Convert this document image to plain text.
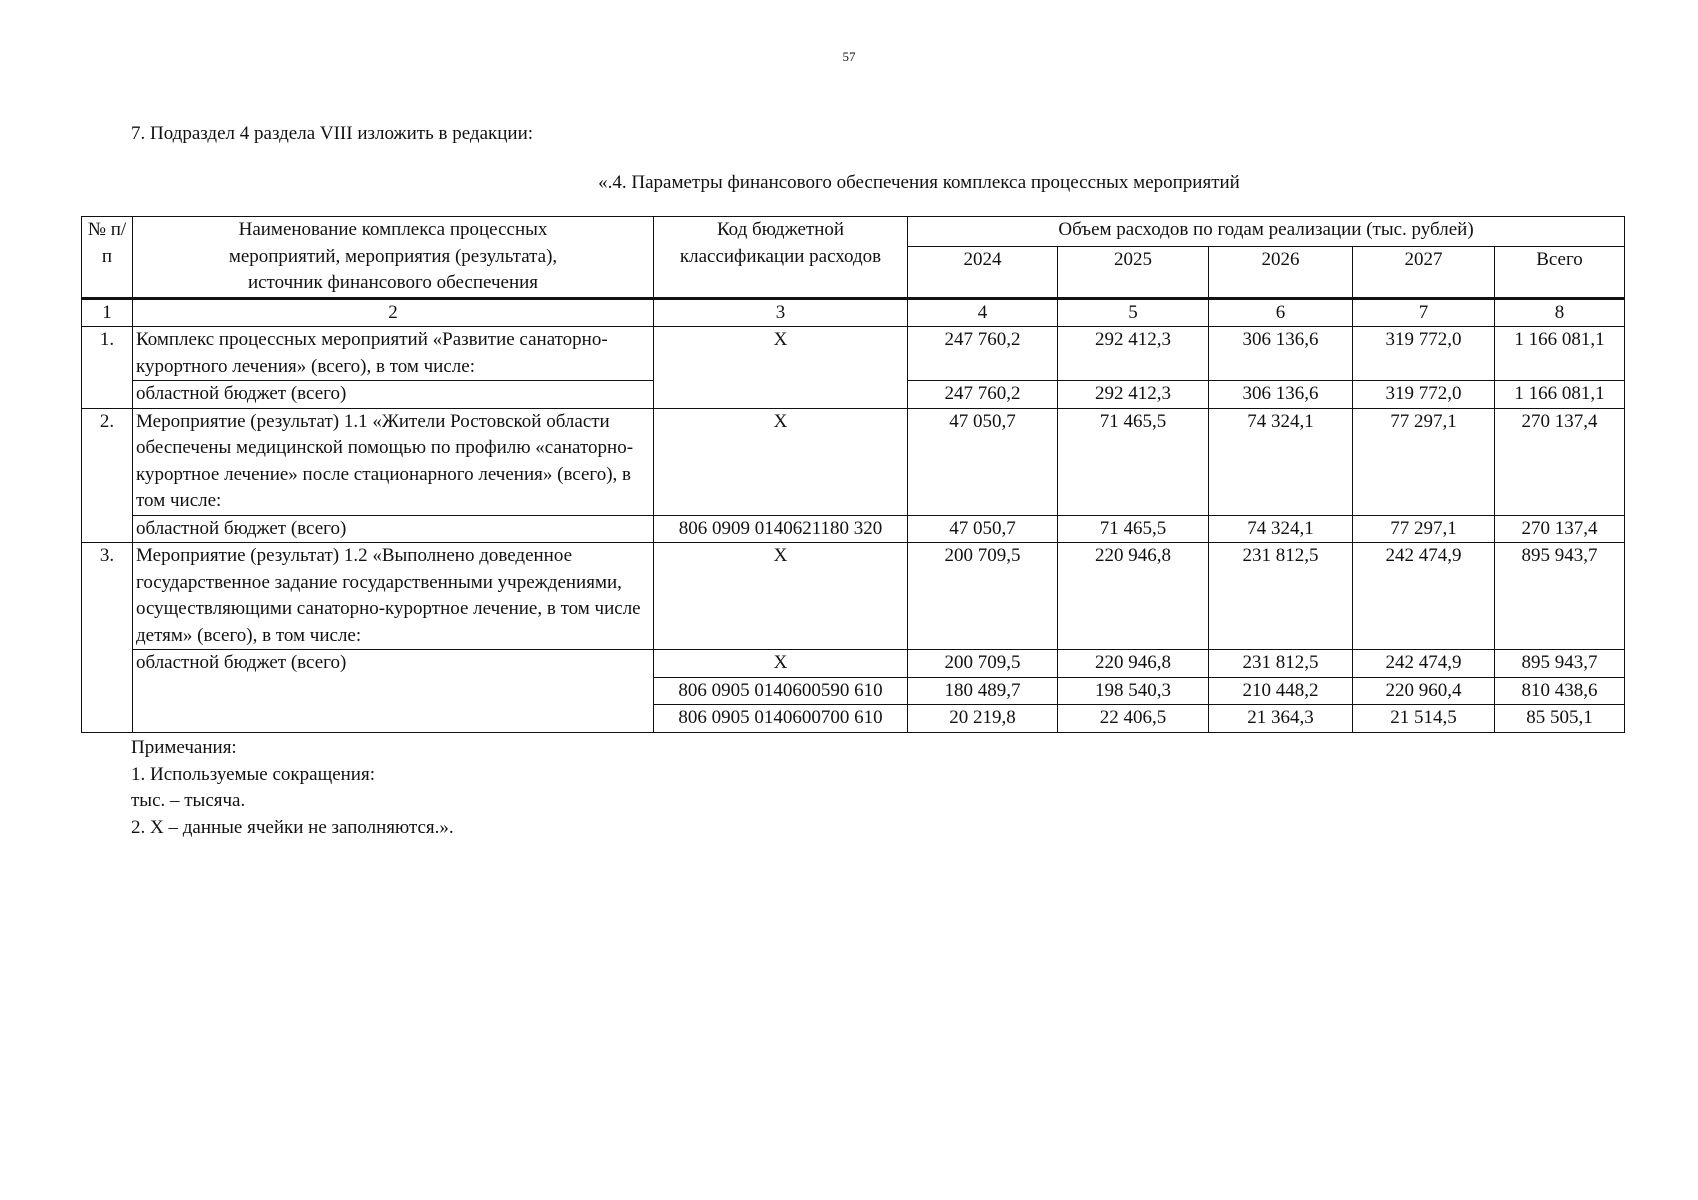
57
7. Подраздел 4 раздела VIII изложить в редакции:
«.4. Параметры финансового обеспечения комплекса процессных мероприятий
№ п/п	Наименование комплекса процессных мероприятий, мероприятия (результата), источник финансового обеспечения	Код бюджетной классификации расходов	Объем расходов по годам реализации (тыс. рублей)				
			2024	2025	2026	2027	Всего
1	2	3	4	5	6	7	8
1.	Комплекс процессных мероприятий «Развитие санаторно-курортного лечения» (всего), в том числе:	X	247 760,2	292 412,3	306 136,6	319 772,0	1 166 081,1
	областной бюджет (всего)		247 760,2	292 412,3	306 136,6	319 772,0	1 166 081,1
2.	Мероприятие (результат) 1.1 «Жители Ростовской области обеспечены медицинской помощью по профилю «санаторно-курортное лечение» после стационарного лечения» (всего), в том числе:	X	47 050,7	71 465,5	74 324,1	77 297,1	270 137,4
	областной бюджет (всего)	806 0909 0140621180 320	47 050,7	71 465,5	74 324,1	77 297,1	270 137,4
3.	Мероприятие (результат) 1.2 «Выполнено доведенное государственное задание государственными учреждениями, осуществляющими санаторно-курортное лечение, в том числе детям» (всего), в том числе:	X	200 709,5	220 946,8	231 812,5	242 474,9	895 943,7
	областной бюджет (всего)	X	200 709,5	220 946,8	231 812,5	242 474,9	895 943,7
		806 0905 0140600590 610	180 489,7	198 540,3	210 448,2	220 960,4	810 438,6
		806 0905 0140600700 610	20 219,8	22 406,5	21 364,3	21 514,5	85 505,1
Примечания:
1. Используемые сокращения:
тыс. – тысяча.
2. X – данные ячейки не заполняются.».
